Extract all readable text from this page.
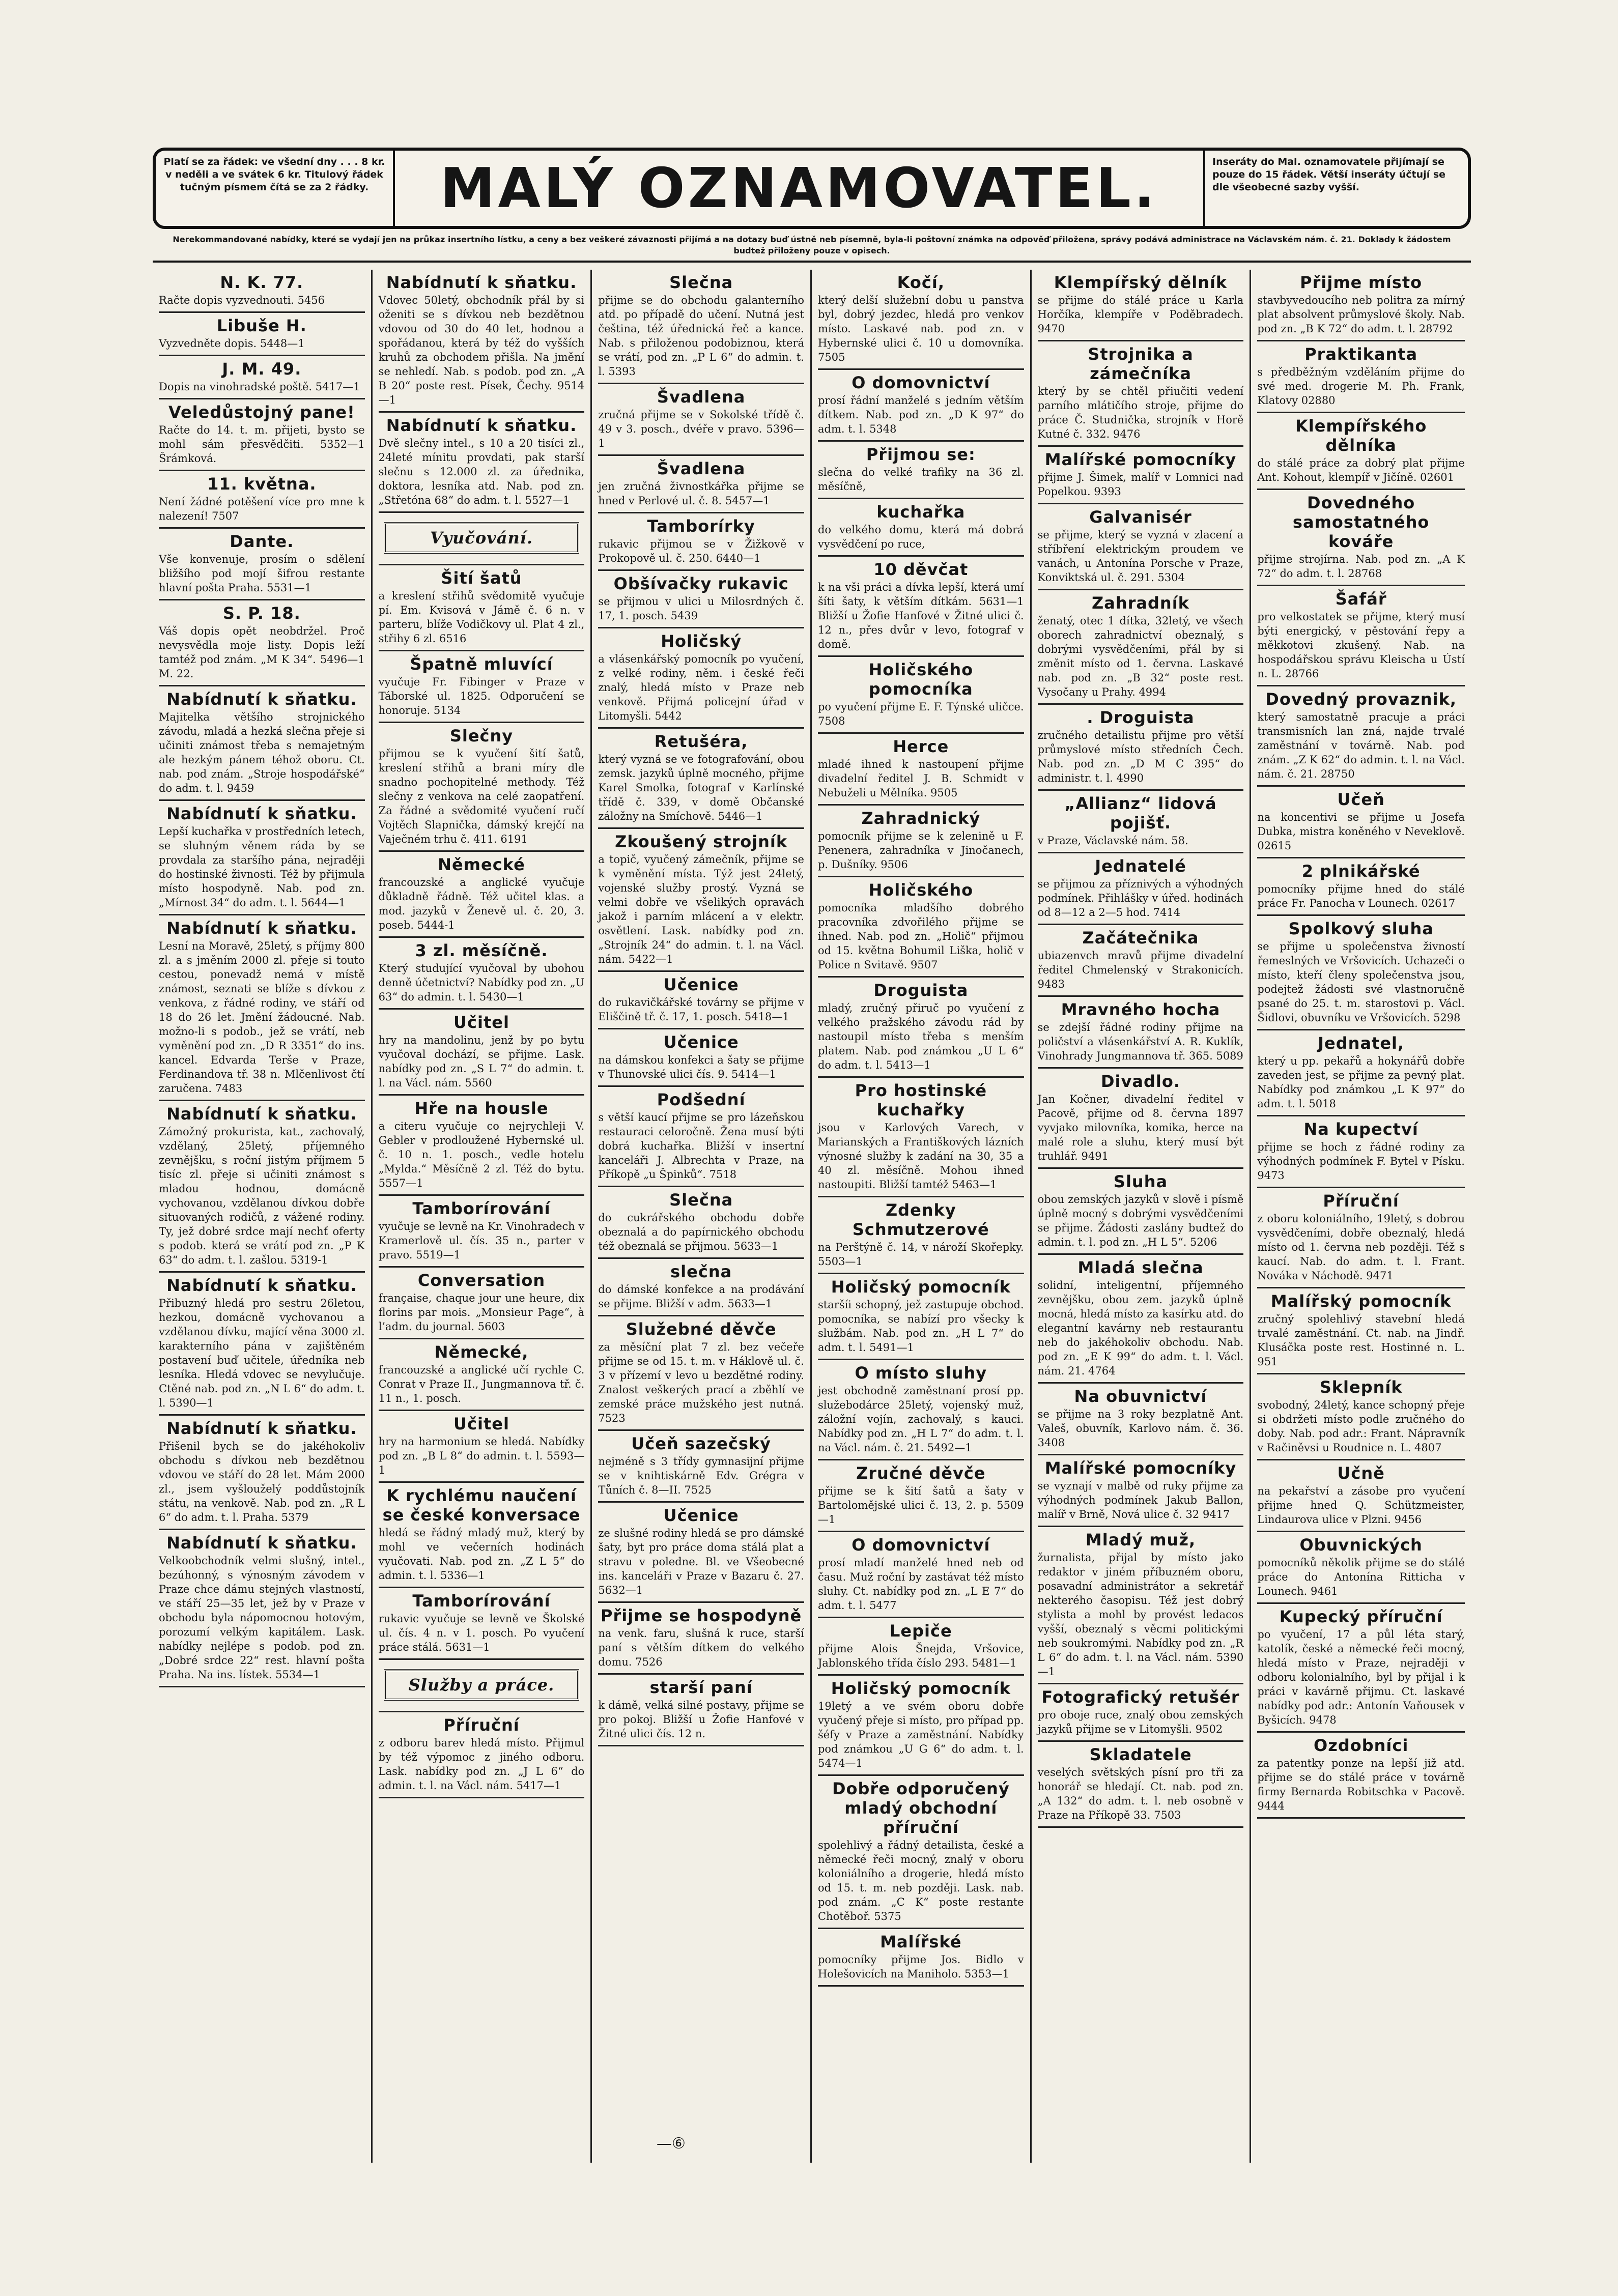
Platí se za řádek: ve všední dny . . . 8 kr. v neděli a ve svátek 6 kr. Titulový řádek tučným písmem čítá se za 2 řádky.	MALÝ OZNAMOVATEL.	Inseráty do Mal. oznamovatele přijímají se pouze do 15 řádek. Větší inseráty účtují se dle všeobecné sazby vyšší.
Nerekommandované nabídky, které se vydají jen na průkaz insertního lístku, a ceny a bez veškeré závaznosti přijímá a na dotazy buď ústně neb písemně, byla-li poštovní známka na odpověď přiložena, správy podává administrace na Václavském nám. č. 21. Doklady k žádostem budtež přiloženy pouze v opisech.
N. K. 77.
Račte dopis vyzvednouti. 5456
Libuše H.
Vyzvedněte dopis. 5448—1
J. M. 49.
Dopis na vinohradské poště. 5417—1
Veledůstojný pane!
Račte do 14. t. m. přijeti, bysto se mohl sám přesvědčiti. 5352—1 Šrámková.
11. května.
Není žádné potěšení více pro mne k nalezení! 7507
Dante.
Vše konvenuje, prosím o sdělení bližšího pod mojí šifrou restante hlavní pošta Praha. 5531—1
S. P. 18.
Váš dopis opět neobdržel. Proč nevysvědla moje listy. Dopis leží tamtéž pod znám. „M K 34“. 5496—1 M. 22.
Nabídnutí k sňatku.
Majitelka většího strojnického závodu, mladá a hezká slečna přeje si učiniti známost třeba s nemajetným ale hezkým pánem téhož oboru. Ct. nab. pod znám. „Stroje hospodářské“ do adm. t. l. 9459
Nabídnutí k sňatku.
Lepší kuchařka v prostředních letech, se sluhným věnem ráda by se provdala za staršího pána, nejraději do hostinské živnosti. Též by přijmula místo hospodyně. Nab. pod zn. „Mírnost 34“ do adm. t. l. 5644—1
Nabídnutí k sňatku.
Lesní na Moravě, 25letý, s příjmy 800 zl. a s jměním 2000 zl. přeje si touto cestou, ponevadž nemá v místě známost, seznati se blíže s dívkou z venkova, z řádné rodiny, ve stáří od 18 do 26 let. Jmění žádoucné. Nab. možno-li s podob., jež se vrátí, neb vyměnění pod zn. „D R 3351“ do ins. kancel. Edvarda Terše v Praze, Ferdinandova tř. 38 n. Mlčenlivost čtí zaručena. 7483
Nabídnutí k sňatku.
Zámožný prokurista, kat., zachovalý, vzdělaný, 25letý, příjemného zevnějšku, s roční jistým příjmem 5 tisíc zl. přeje si učiniti známost s mladou hodnou, domácně vychovanou, vzdělanou dívkou dobře situovaných rodičů, z vážené rodiny. Ty, jež dobré srdce mají nechť oferty s podob. která se vrátí pod zn. „P K 63“ do adm. t. l. zašlou. 5319-1
Nabídnutí k sňatku.
Přibuzný hledá pro sestru 26letou, hezkou, domácně vychovanou a vzdělanou dívku, mající věna 3000 zl. karakterního pána v zajištěném postavení buď učitele, úředníka neb lesníka. Hledá vdovec se nevylučuje. Ctěné nab. pod zn. „N L 6“ do adm. t. l. 5390—1
Nabídnutí k sňatku.
Přišenil bych se do jakéhokoliv obchodu s dívkou neb bezdětnou vdovou ve stáří do 28 let. Mám 2000 zl., jsem vyšlouželý poddůstojník státu, na venkově. Nab. pod zn. „R L 6“ do adm. t. l. Praha. 5379
Nabídnutí k sňatku.
Velkoobchodník velmi slušný, intel., bezúhonný, s výnosným závodem v Praze chce dámu stejných vlastností, ve stáří 25—35 let, jež by v Praze v obchodu byla nápomocnou hotovým, porozumí velkým kapitálem. Lask. nabídky nejlépe s podob. pod zn. „Dobré srdce 22“ rest. hlavní pošta Praha. Na ins. lístek. 5534—1
Nabídnutí k sňatku.
Vdovec 50letý, obchodník přál by si oženiti se s dívkou neb bezdětnou vdovou od 30 do 40 let, hodnou a spořádanou, která by též do vyšších kruhů za obchodem přišla. Na jmění se nehledí. Nab. s podob. pod zn. „A B 20“ poste rest. Písek, Čechy. 9514—1
Nabídnutí k sňatku.
Dvě slečny intel., s 10 a 20 tisíci zl., 24leté mínitu provdati, pak starší slečnu s 12.000 zl. za úřednika, doktora, lesníka atd. Nab. pod zn. „Střetóna 68“ do adm. t. l. 5527—1
Vyučování.
Šití šatů
a kreslení střihů svědomitě vyučuje pí. Em. Kvisová v Jámě č. 6 n. v parteru, blíže Vodičkovy ul. Plat 4 zl., střihy 6 zl. 6516
Špatně mluvící
vyučuje Fr. Fibinger v Praze v Táborské ul. 1825. Odporučení se honoruje. 5134
Slečny
přijmou se k vyučení šití šatů, kreslení střihů a brani míry dle snadno pochopitelné methody. Též slečny z venkova na celé zaopatření. Za řádné a svědomité vyučení ručí Vojtěch Slapnička, dámský krejčí na Vaječném trhu č. 411. 6191
Německé
francouzské a anglické vyučuje důkladně řádně. Též učitel klas. a mod. jazyků v Ženevě ul. č. 20, 3. poseb. 5444-1
3 zl. měsíčně.
Který studující vyučoval by ubohou denně účetnictví? Nabídky pod zn. „U 63“ do admin. t. l. 5430—1
Učitel
hry na mandolinu, jenž by po bytu vyučoval dochází, se přijme. Lask. nabídky pod zn. „S L 7“ do admin. t. l. na Václ. nám. 5560
Hře na housle
a citeru vyučuje co nejrychleji V. Gebler v prodloužené Hybernské ul. č. 10 n. 1. posch., vedle hotelu „Mylda.“ Měsíčně 2 zl. Též do bytu. 5557—1
Tamborírování
vyučuje se levně na Kr. Vinohradech v Kramerlově ul. čís. 35 n., parter v pravo. 5519—1
Conversation
française, chaque jour une heure, dix florins par mois. „Monsieur Page“, à l’adm. du journal. 5603
Německé,
francouzské a anglické učí rychle C. Conrat v Praze II., Jungmannova tř. č. 11 n., 1. posch.
Učitel
hry na harmonium se hledá. Nabídky pod zn. „B L 8“ do admin. t. l. 5593—1
K rychlému naučení se české konversace
hledá se řádný mladý muž, který by mohl ve večerních hodinách vyučovati. Nab. pod zn. „Z L 5“ do admin. t. l. 5336—1
Tamborírování
rukavic vyučuje se levně ve Školské ul. čís. 4 n. v 1. posch. Po vyučení práce stálá. 5631—1
Služby a práce.
Příruční
z odboru barev hledá místo. Přijmul by též výpomoc z jiného odboru. Lask. nabídky pod zn. „J L 6“ do admin. t. l. na Václ. nám. 5417—1
Slečna
přijme se do obchodu galanterního atd. po případě do učení. Nutná jest čeština, též úřednická řeč a kance. Nab. s přiloženou podobiznou, která se vrátí, pod zn. „P L 6“ do admin. t. l. 5393
Švadlena
zručná přijme se v Sokolské třídě č. 49 v 3. posch., dvéře v pravo. 5396—1
Švadlena
jen zručná živnostkářka přijme se hned v Perlové ul. č. 8. 5457—1
Tamborírky
rukavic přijmou se v Žižkově v Prokopově ul. č. 250. 6440—1
Obšívačky rukavic
se přijmou v ulici u Milosrdných č. 17, 1. posch. 5439
Holičský
a vlásenkářský pomocník po vyučení, z velké rodiny, něm. i české řeči znalý, hledá místo v Praze neb venkově. Přijmá policejní úřad v Litomyšli. 5442
Retušéra,
který vyzná se ve fotografování, obou zemsk. jazyků úplně mocného, přijme Karel Smolka, fotograf v Karlínské třídě č. 339, v domě Občanské záložny na Smíchově. 5446—1
Zkoušený strojník
a topič, vyučený zámečník, přijme se k vyměnění místa. Týž jest 24letý, vojenské služby prostý. Vyzná se velmi dobře ve všelikých opravách jakož i parním mlácení a v elektr. osvětlení. Lask. nabídky pod zn. „Strojník 24“ do admin. t. l. na Václ. nám. 5422—1
Učenice
do rukavičkářské továrny se přijme v Eliščině tř. č. 17, 1. posch. 5418—1
Učenice
na dámskou konfekci a šaty se přijme v Thunovské ulici čís. 9. 5414—1
Podšední
s větší kaucí přijme se pro lázeňskou restauraci celoročně. Žena musí býti dobrá kuchařka. Bližší v insertní kanceláři J. Albrechta v Praze, na Příkopě „u Špinků“. 7518
Slečna
do cukrářského obchodu dobře obeznalá a do papírnického obchodu též obeznalá se přijmou. 5633—1
slečna
do dámské konfekce a na prodávání se přijme. Bližší v adm. 5633—1
Služebné děvče
za měsíční plat 7 zl. bez večeře přijme se od 15. t. m. v Háklově ul. č. 3 v přízemí v levo u bezdětné rodiny. Znalost veškerých prací a zběhlí ve zemské práce mužského jest nutná. 7523
Učeň sazečský
nejméně s 3 třídy gymnasijní přijme se v knihtiskárně Edv. Grégra v Tůních č. 8—II. 7525
Učenice
ze slušné rodiny hledá se pro dámské šaty, byt pro práce doma stálá plat a stravu v poledne. Bl. ve Všeobecné ins. kanceláři v Praze v Bazaru č. 27. 5632—1
Přijme se hospodyně
na venk. faru, slušná k ruce, starší paní s větším dítkem do velkého domu. 7526
starší paní
k dámě, velká silné postavy, přijme se pro pokoj. Bližší u Žofie Hanfové v Žitné ulici čís. 12 n.
Kočí,
který delší služební dobu u panstva byl, dobrý jezdec, hledá pro venkov místo. Laskavé nab. pod zn. v Hybernské ulici č. 10 u domovníka. 7505
O domovnictví
prosí řádní manželé s jedním větším dítkem. Nab. pod zn. „D K 97“ do adm. t. l. 5348
Přijmou se:
slečna do velké trafiky na 36 zl. měsíčně,
kuchařka
do velkého domu, která má dobrá vysvědčení po ruce,
10 děvčat
k na vši práci a dívka lepší, která umí šíti šaty, k větším dítkám. 5631—1 Bližší u Žofie Hanfové v Žitné ulici č. 12 n., přes dvůr v levo, fotograf v domě.
Holičského pomocníka
po vyučení přijme E. F. Týnské uličce. 7508
Herce
mladé ihned k nastoupení přijme divadelní ředitel J. B. Schmidt v Nebuželi u Mělníka. 9505
Zahradnický
pomocník přijme se k zelenině u F. Penenera, zahradníka v Jinočanech, p. Dušníky. 9506
Holičského
pomocníka mladšího dobrého pracovníka zdvořilého přijme se ihned. Nab. pod zn. „Holič“ přijmou od 15. května Bohumil Liška, holič v Police n Svitavě. 9507
Droguista
mladý, zručný přiruč po vyučení z velkého pražského závodu rád by nastoupil místo třeba s menším platem. Nab. pod známkou „U L 6“ do adm. t. l. 5413—1
Pro hostinské kuchařky
jsou v Karlových Varech, v Marianských a Františkových lázních výnosné služby k zadání na 30, 35 a 40 zl. měsíčně. Mohou ihned nastoupiti. Bližší tamtéž 5463—1
Zdenky Schmutzerové
na Perštýně č. 14, v nároží Skořepky. 5503—1
Holičský pomocník
staršíi schopný, jež zastupuje obchod. pomocníka, se nabízí pro všecky k službám. Nab. pod zn. „H L 7“ do adm. t. l. 5491—1
O místo sluhy
jest obchodně zaměstnaní prosí pp. služebodárce 25letý, vojenský muž, záložní vojín, zachovalý, s kauci. Nabídky pod zn. „H L 7“ do adm. t. l. na Václ. nám. č. 21. 5492—1
Zručné děvče
přijme se k šití šatů a šaty v Bartolomějské ulici č. 13, 2. p. 5509—1
O domovnictví
prosí mladí manželé hned neb od času. Muž roční by zastávat též místo sluhy. Ct. nabídky pod zn. „L E 7“ do adm. t. l. 5477
Lepiče
přijme Alois Šnejda, Vršovice, Jablonského třída číslo 293. 5481—1
Holičský pomocník
19letý a ve svém oboru dobře vyučený přeje si místo, pro případ pp. šéfy v Praze a zaměstnání. Nabídky pod známkou „U G 6“ do adm. t. l. 5474—1
Dobře odporučený mladý obchodní příruční
spolehlivý a řádný detailista, české a německé řeči mocný, znalý v oboru koloniálního a drogerie, hledá místo od 15. t. m. neb později. Lask. nab. pod znám. „C K“ poste restante Chotěboř. 5375
Malířské
pomocníky přijme Jos. Bidlo v Holešovicích na Maniholo. 5353—1
Klempířský dělník
se přijme do stálé práce u Karla Horčíka, klempíře v Poděbradech. 9470
Strojnika a zámečníka
který by se chtěl přiučiti vedení parního mlátičího stroje, přijme do práce Č. Studnička, strojník v Horě Kutné č. 332. 9476
Malířské pomocníky
přijme J. Šimek, malíř v Lomnici nad Popelkou. 9393
Galvanisér
se přijme, který se vyzná v zlacení a stříbření elektrickým proudem ve vanách, u Antonína Porsche v Praze, Konviktská ul. č. 291. 5304
Zahradník
ženatý, otec 1 dítka, 32letý, ve všech oborech zahradnictví obeznalý, s dobrými vysvědčeními, přál by si změnit místo od 1. června. Laskavé nab. pod zn. „B 32“ poste rest. Vysočany u Prahy. 4994
. Droguista
zručného detailistu přijme pro větší průmyslové místo středních Čech. Nab. pod zn. „D M C 395“ do administr. t. l. 4990
„Allianz“ lidová pojišť.
v Praze, Václavské nám. 58.
Jednatelé
se přijmou za příznivých a výhodných podmínek. Přihlášky v úřed. hodinách od 8—12 a 2—5 hod. 7414
Začátečnika
ubiazenvch mravů přijme divadelní ředitel Chmelenský v Strakonicích. 9483
Mravného hocha
se zdejší řádné rodiny přijme na poličství a vlásenkářství A. R. Kuklík, Vinohrady Jungmannova tř. 365. 5089
Divadlo.
Jan Kočner, divadelní ředitel v Pacově, přijme od 8. června 1897 vyvjako milovníka, komika, herce na malé role a sluhu, který musí být truhlář. 9491
Sluha
obou zemských jazyků v slově i písmě úplně mocný s dobrými vysvědčeními se přijme. Žádosti zaslány budtež do admin. t. l. pod zn. „H L 5“. 5206
Mladá slečna
solidní, inteligentní, příjemného zevnějšku, obou zem. jazyků úplně mocná, hledá místo za kasírku atd. do elegantní kavárny neb restaurantu neb do jakéhokoliv obchodu. Nab. pod zn. „E K 99“ do adm. t. l. Václ. nám. 21. 4764
Na obuvnictví
se přijme na 3 roky bezplatně Ant. Valeš, obuvník, Karlovo nám. č. 36. 3408
Malířské pomocníky
se vyznají v malbě od ruky přijme za výhodných podmínek Jakub Ballon, malíř v Brně, Nová ulice č. 32 9417
Mladý muž,
žurnalista, přijal by místo jako redaktor v jiném příbuzném oboru, posavadní administrátor a sekretář nekterého časopisu. Též jest dobrý stylista a mohl by provést ledacos vyšší, obeznalý s věcmi politickými neb soukromými. Nabídky pod zn. „R L 6“ do adm. t. l. na Václ. nám. 5390—1
Fotografický retušér
pro oboje ruce, znalý obou zemských jazyků přijme se v Litomyšli. 9502
Skladatele
veselých světských písní pro tři za honorář se hledají. Ct. nab. pod zn. „A 132“ do adm. t. l. neb osobně v Praze na Příkopě 33. 7503
Přijme místo
stavbyvedoucího neb politra za mírný plat absolvent průmyslové školy. Nab. pod zn. „B K 72“ do adm. t. l. 28792
Praktikanta
s předběžným vzděláním přijme do své med. drogerie M. Ph. Frank, Klatovy 02880
Klempířského dělníka
do stálé práce za dobrý plat přijme Ant. Kohout, klempíř v Jičíně. 02601
Dovedného samostatného kováře
přijme strojírna. Nab. pod zn. „A K 72“ do adm. t. l. 28768
Šafář
pro velkostatek se přijme, který musí býti energický, v pěstování řepy a měkkotovi zkušený. Nab. na hospodářskou správu Kleischa u Ústí n. L. 28766
Dovedný provaznik,
který samostatně pracuje a práci transmisních lan zná, najde trvalé zaměstnání v továrně. Nab. pod znám. „Z K 62“ do admin. t. l. na Václ. nám. č. 21. 28750
Učeň
na koncentivi se přijme u Josefa Dubka, mistra koněného v Neveklově. 02615
2 plnikářské
pomocníky přijme hned do stálé práce Fr. Panocha v Lounech. 02617
Spolkový sluha
se přijme u společenstva živností řemeslných ve Vršovicích. Uchazeči o místo, kteří členy společenstva jsou, podejtež žádosti své vlastnoručně psané do 25. t. m. starostovi p. Václ. Šidlovi, obuvníku ve Vršovicích. 5298
Jednatel,
který u pp. pekařů a hokynářů dobře zaveden jest, se přijme za pevný plat. Nabídky pod známkou „L K 97“ do adm. t. l. 5018
Na kupectví
přijme se hoch z řádné rodiny za výhodných podmínek F. Bytel v Písku. 9473
Příruční
z oboru koloniálního, 19letý, s dobrou vysvědčeními, dobře obeznalý, hledá místo od 1. června neb později. Též s kaucí. Nab. do adm. t. l. Frant. Nováka v Náchodě. 9471
Malířský pomocník
zručný spolehlivý stavební hledá trvalé zaměstnání. Ct. nab. na Jindř. Klusáčka poste rest. Hostinné n. L. 951
Sklepník
svobodný, 24letý, kance schopný přeje si obdržeti místo podle zručného do doby. Nab. pod adr.: Frant. Nápravník v Račiněvsi u Roudnice n. L. 4807
Učně
na pekařství a zásobe pro vyučení přijme hned Q. Schützmeister, Lindaurova ulice v Plzni. 9456
Obuvnických
pomocníků několik přijme se do stálé práce do Antonína Ritticha v Lounech. 9461
Kupecký příruční
po vyučení, 17 a půl léta starý, katolík, české a německé řeči mocný, hledá místo v Praze, nejraději v odboru kolonialního, byl by přijal i k práci v kavárně přijmu. Ct. laskavé nabídky pod adr.: Antonín Vaňousek v Byšicích. 9478
Ozdobníci
za patentky ponze na lepší již atd. přijme se do stálé práce v továrně firmy Bernarda Robitschka v Pacově. 9444
—⑥
